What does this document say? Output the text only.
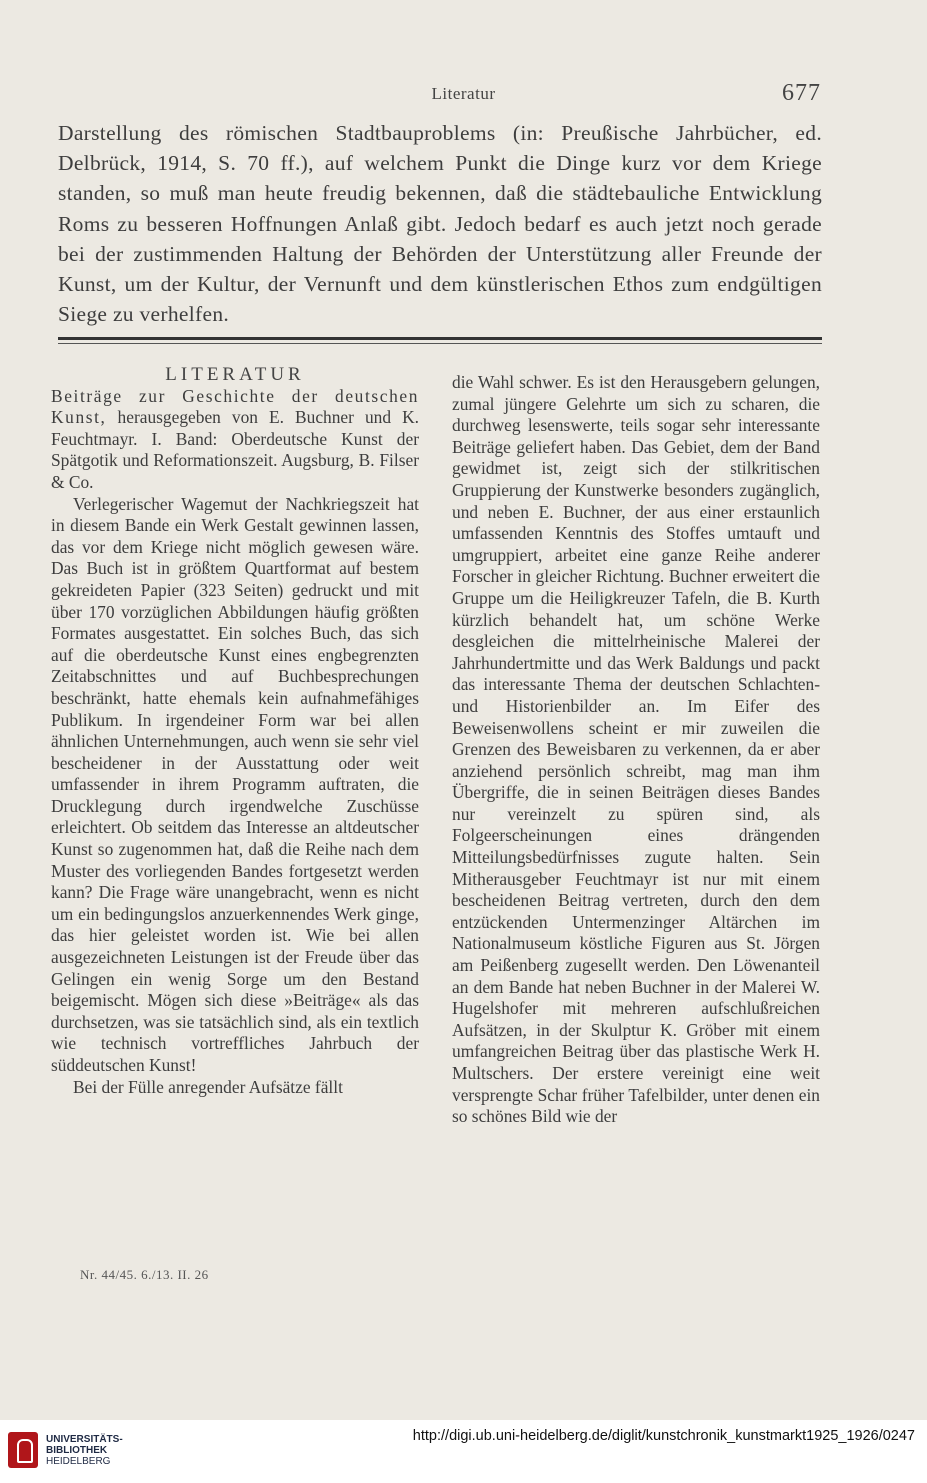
Literatur	677

Darstellung des römischen Stadtbauproblems (in: Preußische Jahrbücher, ed. Delbrück, 1914, S. 70 ff.), auf welchem Punkt die Dinge kurz vor dem Kriege standen, so muß man heute freudig bekennen, daß die städtebauliche Entwicklung Roms zu besseren Hoffnungen Anlaß gibt. Jedoch bedarf es auch jetzt noch gerade bei der zustimmenden Haltung der Behörden der Unterstützung aller Freunde der Kunst, um der Kultur, der Vernunft und dem künstlerischen Ethos zum endgültigen Siege zu verhelfen.

LITERATUR

Beiträge zur Geschichte der deutschen Kunst, herausgegeben von E. Buchner und K. Feuchtmayr. I. Band: Oberdeutsche Kunst der Spätgotik und Reformationszeit. Augsburg, B. Filser & Co.

Verlegerischer Wagemut der Nachkriegszeit hat in diesem Bande ein Werk Gestalt gewinnen lassen, das vor dem Kriege nicht möglich gewesen wäre. Das Buch ist in größtem Quartformat auf bestem gekreideten Papier (323 Seiten) gedruckt und mit über 170 vorzüglichen Abbildungen häufig größten Formates ausgestattet. Ein solches Buch, das sich auf die oberdeutsche Kunst eines engbegrenzten Zeitabschnittes und auf Buchbesprechungen beschränkt, hatte ehemals kein aufnahmefähiges Publikum. In irgendeiner Form war bei allen ähnlichen Unternehmungen, auch wenn sie sehr viel bescheidener in der Ausstattung oder weit umfassender in ihrem Programm auftraten, die Drucklegung durch irgendwelche Zuschüsse erleichtert. Ob seitdem das Interesse an altdeutscher Kunst so zugenommen hat, daß die Reihe nach dem Muster des vorliegenden Bandes fortgesetzt werden kann? Die Frage wäre unangebracht, wenn es nicht um ein bedingungslos anzuerkennendes Werk ginge, das hier geleistet worden ist. Wie bei allen ausgezeichneten Leistungen ist der Freude über das Gelingen ein wenig Sorge um den Bestand beigemischt. Mögen sich diese »Beiträge« als das durchsetzen, was sie tatsächlich sind, als ein textlich wie technisch vortreffliches Jahrbuch der süddeutschen Kunst!

Bei der Fülle anregender Aufsätze fällt

die Wahl schwer. Es ist den Herausgebern gelungen, zumal jüngere Gelehrte um sich zu scharen, die durchweg lesenswerte, teils sogar sehr interessante Beiträge geliefert haben. Das Gebiet, dem der Band gewidmet ist, zeigt sich der stilkritischen Gruppierung der Kunstwerke besonders zugänglich, und neben E. Buchner, der aus einer erstaunlich umfassenden Kenntnis des Stoffes umtauft und umgruppiert, arbeitet eine ganze Reihe anderer Forscher in gleicher Richtung. Buchner erweitert die Gruppe um die Heiligkreuzer Tafeln, die B. Kurth kürzlich behandelt hat, um schöne Werke desgleichen die mittelrheinische Malerei der Jahrhundertmitte und das Werk Baldungs und packt das interessante Thema der deutschen Schlachten- und Historienbilder an. Im Eifer des Beweisenwollens scheint er mir zuweilen die Grenzen des Beweisbaren zu verkennen, da er aber anziehend persönlich schreibt, mag man ihm Übergriffe, die in seinen Beiträgen dieses Bandes nur vereinzelt zu spüren sind, als Folgeerscheinungen eines drängenden Mitteilungsbedürfnisses zugute halten. Sein Mitherausgeber Feuchtmayr ist nur mit einem bescheidenen Beitrag vertreten, durch den dem entzückenden Untermenzinger Altärchen im Nationalmuseum köstliche Figuren aus St. Jörgen am Peißenberg zugesellt werden. Den Löwenanteil an dem Bande hat neben Buchner in der Malerei W. Hugelshofer mit mehreren aufschlußreichen Aufsätzen, in der Skulptur K. Gröber mit einem umfangreichen Beitrag über das plastische Werk H. Multschers. Der erstere vereinigt eine weit versprengte Schar früher Tafelbilder, unter denen ein so schönes Bild wie der

Nr. 44/45. 6./13. II. 26
UNIVERSITÄTS-
BIBLIOTHEK
HEIDELBERG
http://digi.ub.uni-heidelberg.de/diglit/kunstchronik_kunstmarkt1925_1926/0247
